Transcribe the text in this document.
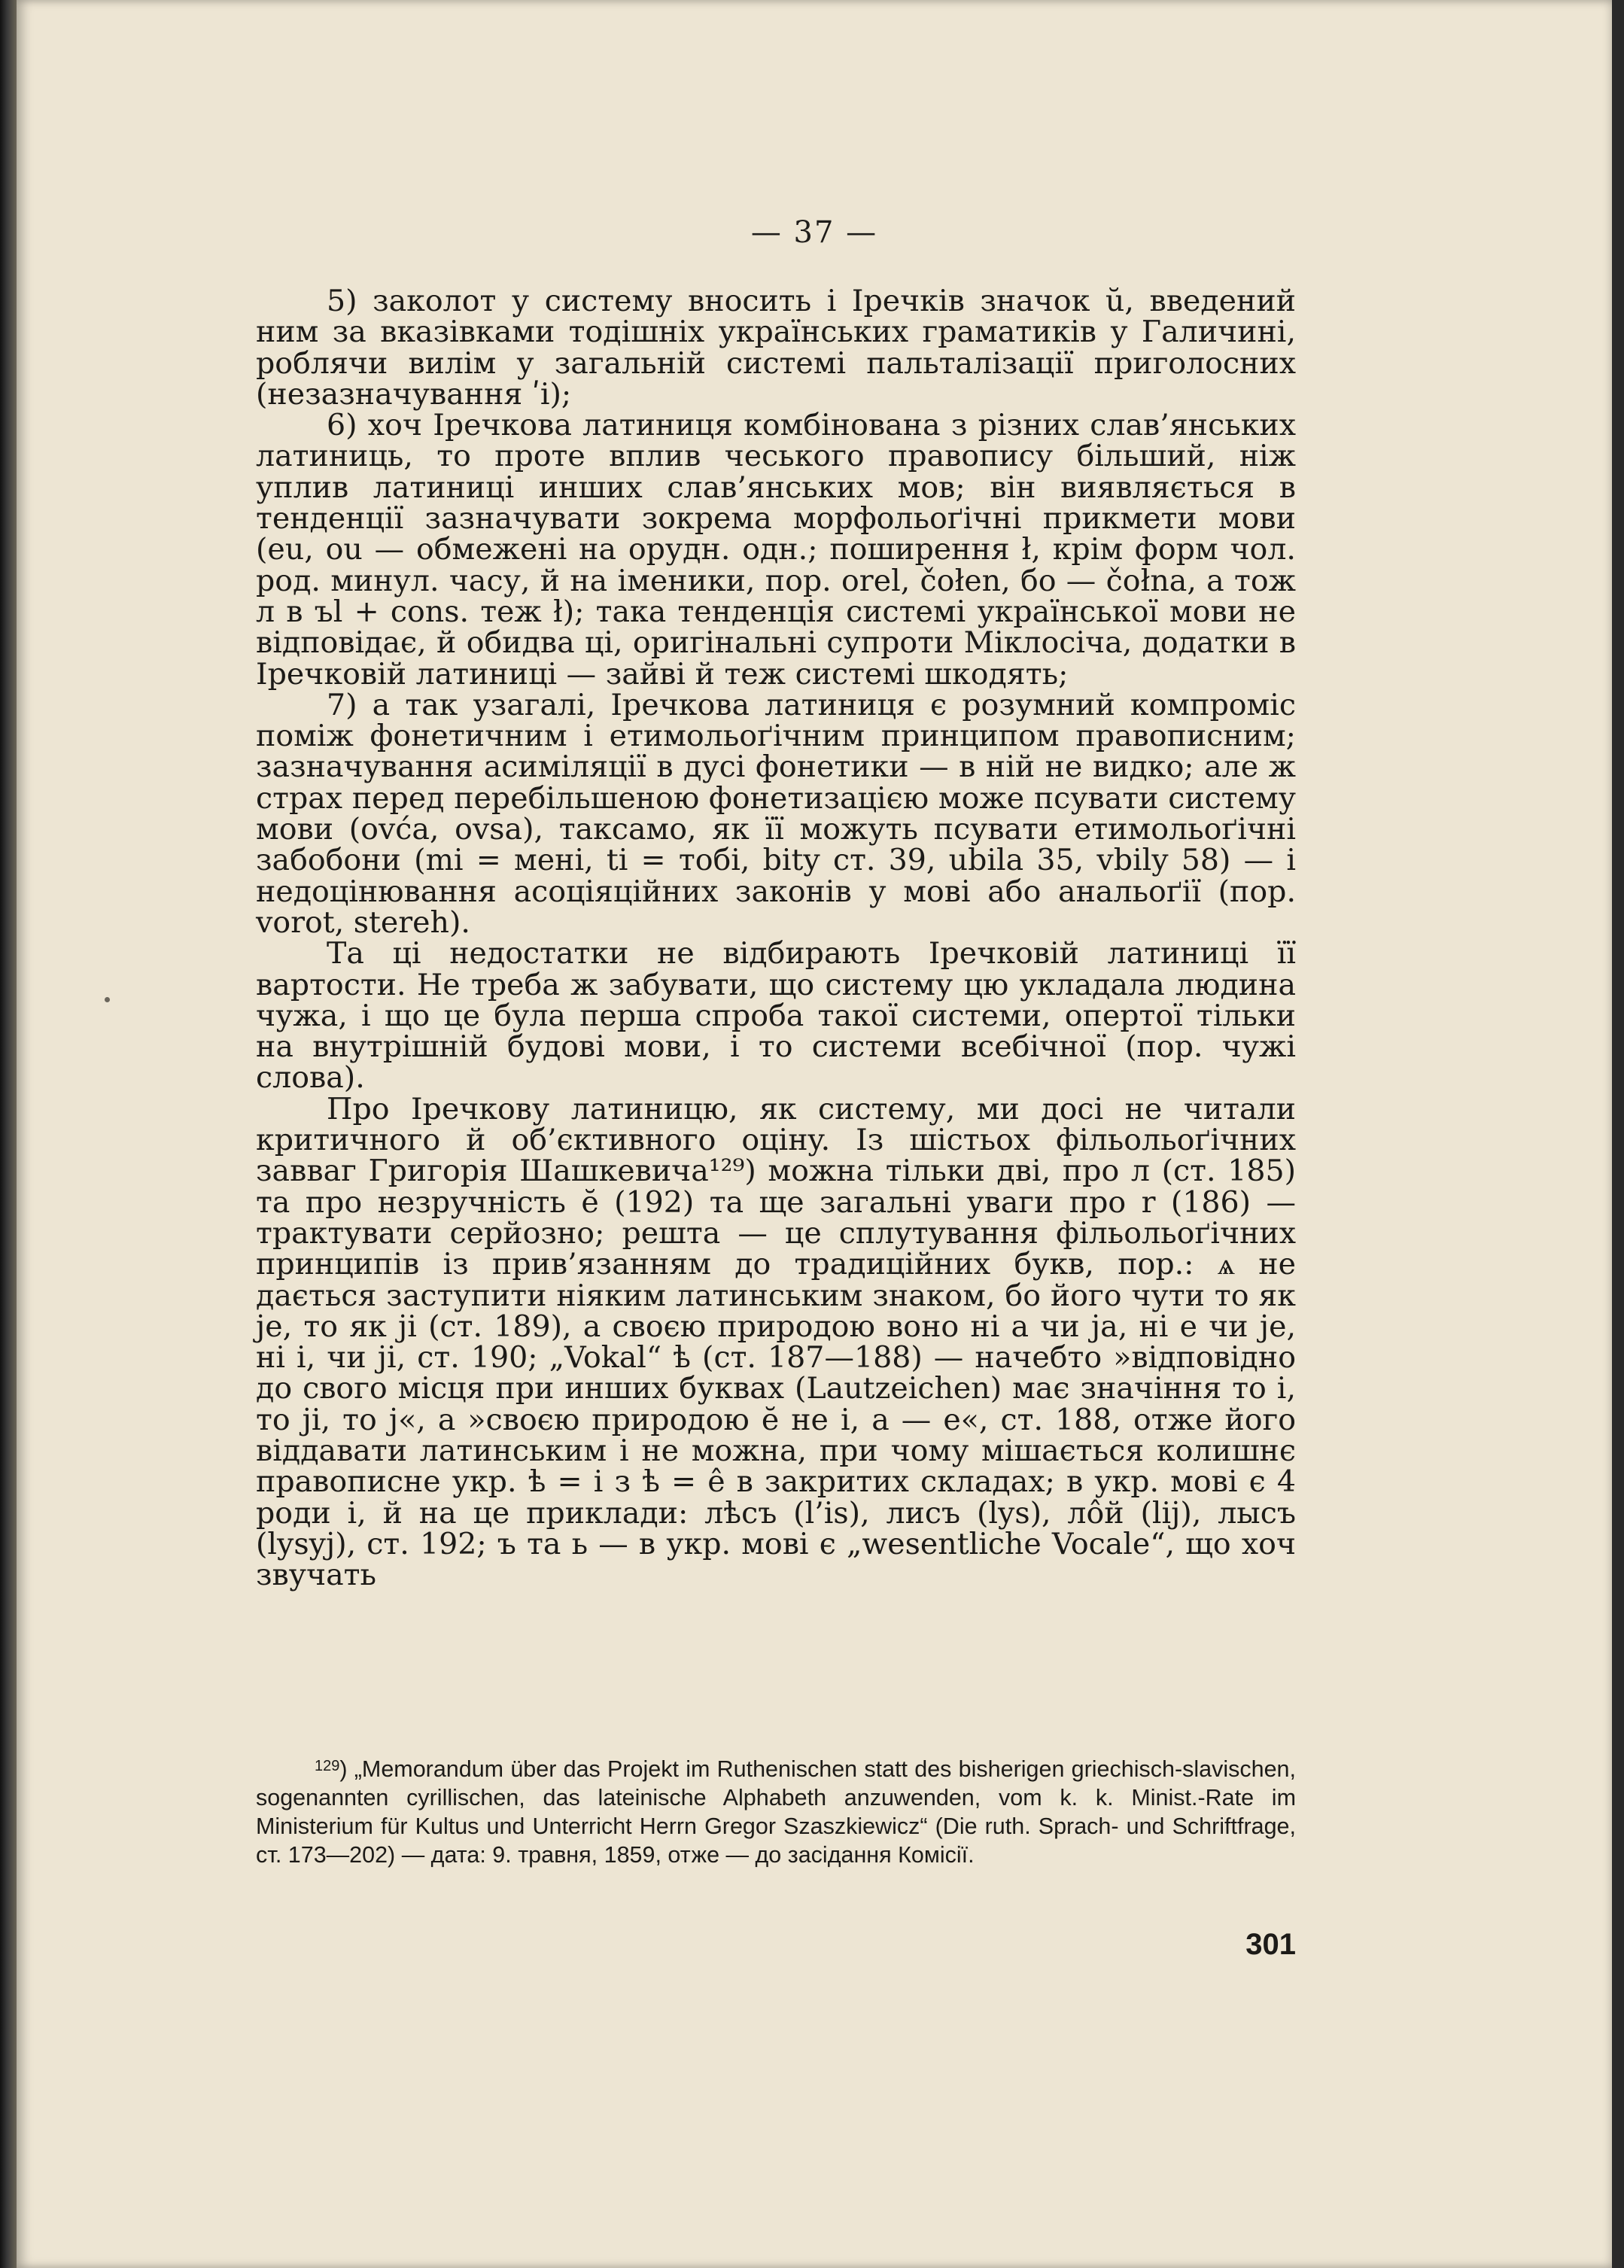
— 37 —

5) заколот у систему вносить і Іречків значок ŭ, введений ним за вказівками тодішніх українських граматиків у Галичині, роблячи вилім у загальній системі пальталізації приголосних (незазначування ʹі);

6) хоч Іречкова латиниця комбінована з різних слав’янських латиниць, то проте вплив чеського правопису більший, ніж уплив латиниці инших слав’янських мов; він виявляється в тенденції зазначувати зокрема морфольоґічні прикмети мови (eu, ou — обмежені на орудн. одн.; поширення ł, крім форм чол. род. минул. часу, й на іменики, пор. orel, čołen, бо — čołna, а тож л в ъl + cons. теж ł); така тенденція системі української мови не відповідає, й обидва ці, оригінальні супроти Міклосіча, додатки в Іречковій латиниці — зайві й теж системі шкодять;

7) а так узагалі, Іречкова латиниця є розумний компроміс поміж фонетичним і етимольоґічним принципом правописним; зазначування асиміляції в дусі фонетики — в ній не видко; але ж страх перед перебільшеною фонетизацією може псувати систему мови (ovća, ovsa), таксамо, як її можуть псувати етимольоґічні забобони (mi = мені, ti = тобі, bity ст. 39, ubila 35, vbily 58) — і недоцінювання асоціяційних законів у мові або анальоґії (пор. vorot, stereh).

Та ці недостатки не відбирають Іречковій латиниці її вартости. Не треба ж забувати, що систему цю укладала людина чужа, і що це була перша спроба такої системи, опертої тільки на внутрішній будові мови, і то системи всебічної (пор. чужі слова).

Про Іречкову латиницю, як систему, ми досі не читали критичного й об’єктивного оцінy. Із шістьох фільольоґічних завваг Григорія Шашкевича¹²⁹) можна тільки дві, про л (ст. 185) та про незручність ĕ (192) та ще загальні уваги про r (186) — трактувати серйозно; решта — це сплутування фільольоґічних принципів із прив’язанням до традиційних букв, пор.: ѧ не дається заступити ніяким латинським знаком, бо його чути то як je, то як ji (ст. 189), а своєю природою воно ні а чи ja, ні е чи je, ні і, чи ji, ст. 190; „Vokal“ ѣ (ст. 187—188) — начебто »відповідно до свого місця при инших буквах (Lautzeichen) має значіння то і, то ji, то j«, а »своєю природою ĕ не і, а — е«, ст. 188, отже його віддавати латинським і не можна, при чому мішається колишнє правописне укр. ѣ = і з ѣ = ê в закритих складах; в укр. мові є 4 роди і, й на це приклади: лѣсъ (l’is), лисъ (lys), лôй (lij), лысъ (lysyj), ст. 192; ъ та ь — в укр. мові є „wesentliche Vocale“, що хоч звучать

$^{129}$) „Memorandum über das Projekt im Ruthenischen statt des bisherigen griechisch-slavischen, sogenannten cyrillischen, das lateinische Alphabeth anzuwenden, vom k. k. Minist.-Rate im Ministerium für Kultus und Unterricht Herrn Gregor Szaszkiewicz“ (Die ruth. Sprach- und Schriftfrage, ст. 173—202) — дата: 9. травня, 1859, отже — до засідання Комісії.

301
